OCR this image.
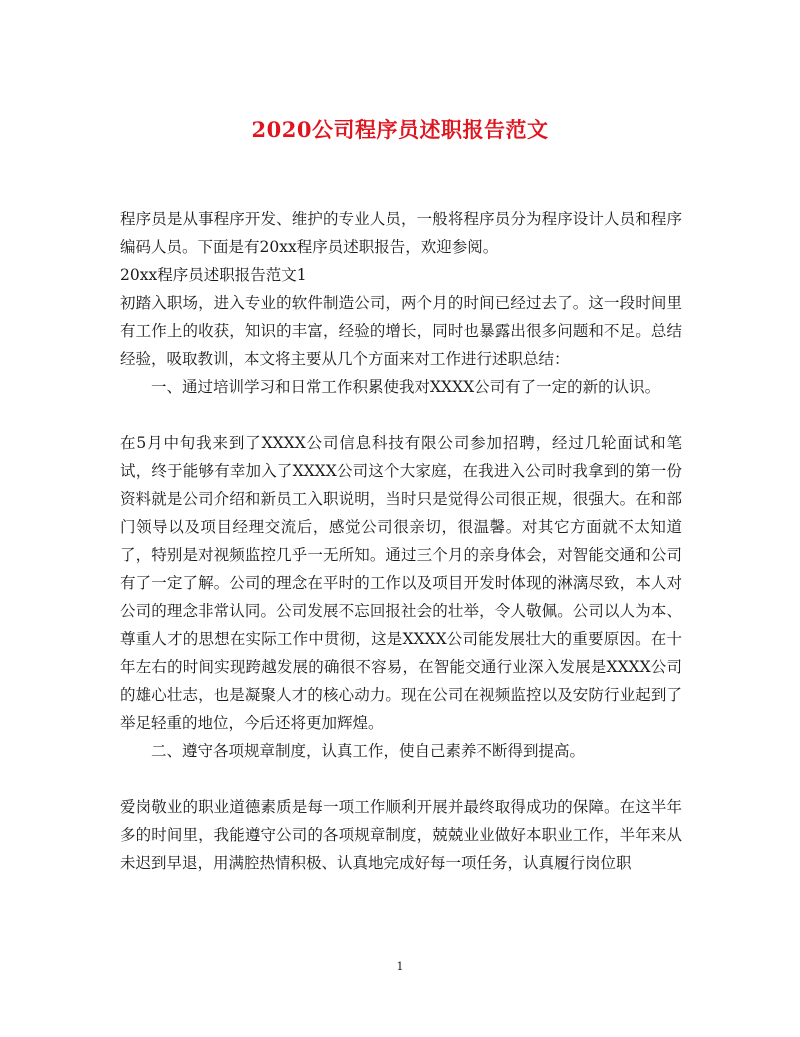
2020公司程序员述职报告范文

程序员是从事程序开发、维护的专业人员，一般将程序员分为程序设计人员和程序编码人员。下面是有20xx程序员述职报告，欢迎参阅。

20xx程序员述职报告范文1

初踏入职场，进入专业的软件制造公司，两个月的时间已经过去了。这一段时间里有工作上的收获，知识的丰富，经验的增长，同时也暴露出很多问题和不足。总结经验，吸取教训，本文将主要从几个方面来对工作进行述职总结：

一、通过培训学习和日常工作积累使我对XXXX公司有了一定的新的认识。

在5月中旬我来到了XXXX公司信息科技有限公司参加招聘，经过几轮面试和笔试，终于能够有幸加入了XXXX公司这个大家庭，在我进入公司时我拿到的第一份资料就是公司介绍和新员工入职说明，当时只是觉得公司很正规，很强大。在和部门领导以及项目经理交流后，感觉公司很亲切，很温馨。对其它方面就不太知道了，特别是对视频监控几乎一无所知。通过三个月的亲身体会，对智能交通和公司有了一定了解。公司的理念在平时的工作以及项目开发时体现的淋漓尽致，本人对公司的理念非常认同。公司发展不忘回报社会的壮举，令人敬佩。公司以人为本、尊重人才的思想在实际工作中贯彻，这是XXXX公司能发展壮大的重要原因。在十年左右的时间实现跨越发展的确很不容易，在智能交通行业深入发展是XXXX公司的雄心壮志，也是凝聚人才的核心动力。现在公司在视频监控以及安防行业起到了举足轻重的地位，今后还将更加辉煌。

二、遵守各项规章制度，认真工作，使自己素养不断得到提高。

爱岗敬业的职业道德素质是每一项工作顺利开展并最终取得成功的保障。在这半年多的时间里，我能遵守公司的各项规章制度，兢兢业业做好本职业工作，半年来从未迟到早退，用满腔热情积极、认真地完成好每一项任务，认真履行岗位职

1
